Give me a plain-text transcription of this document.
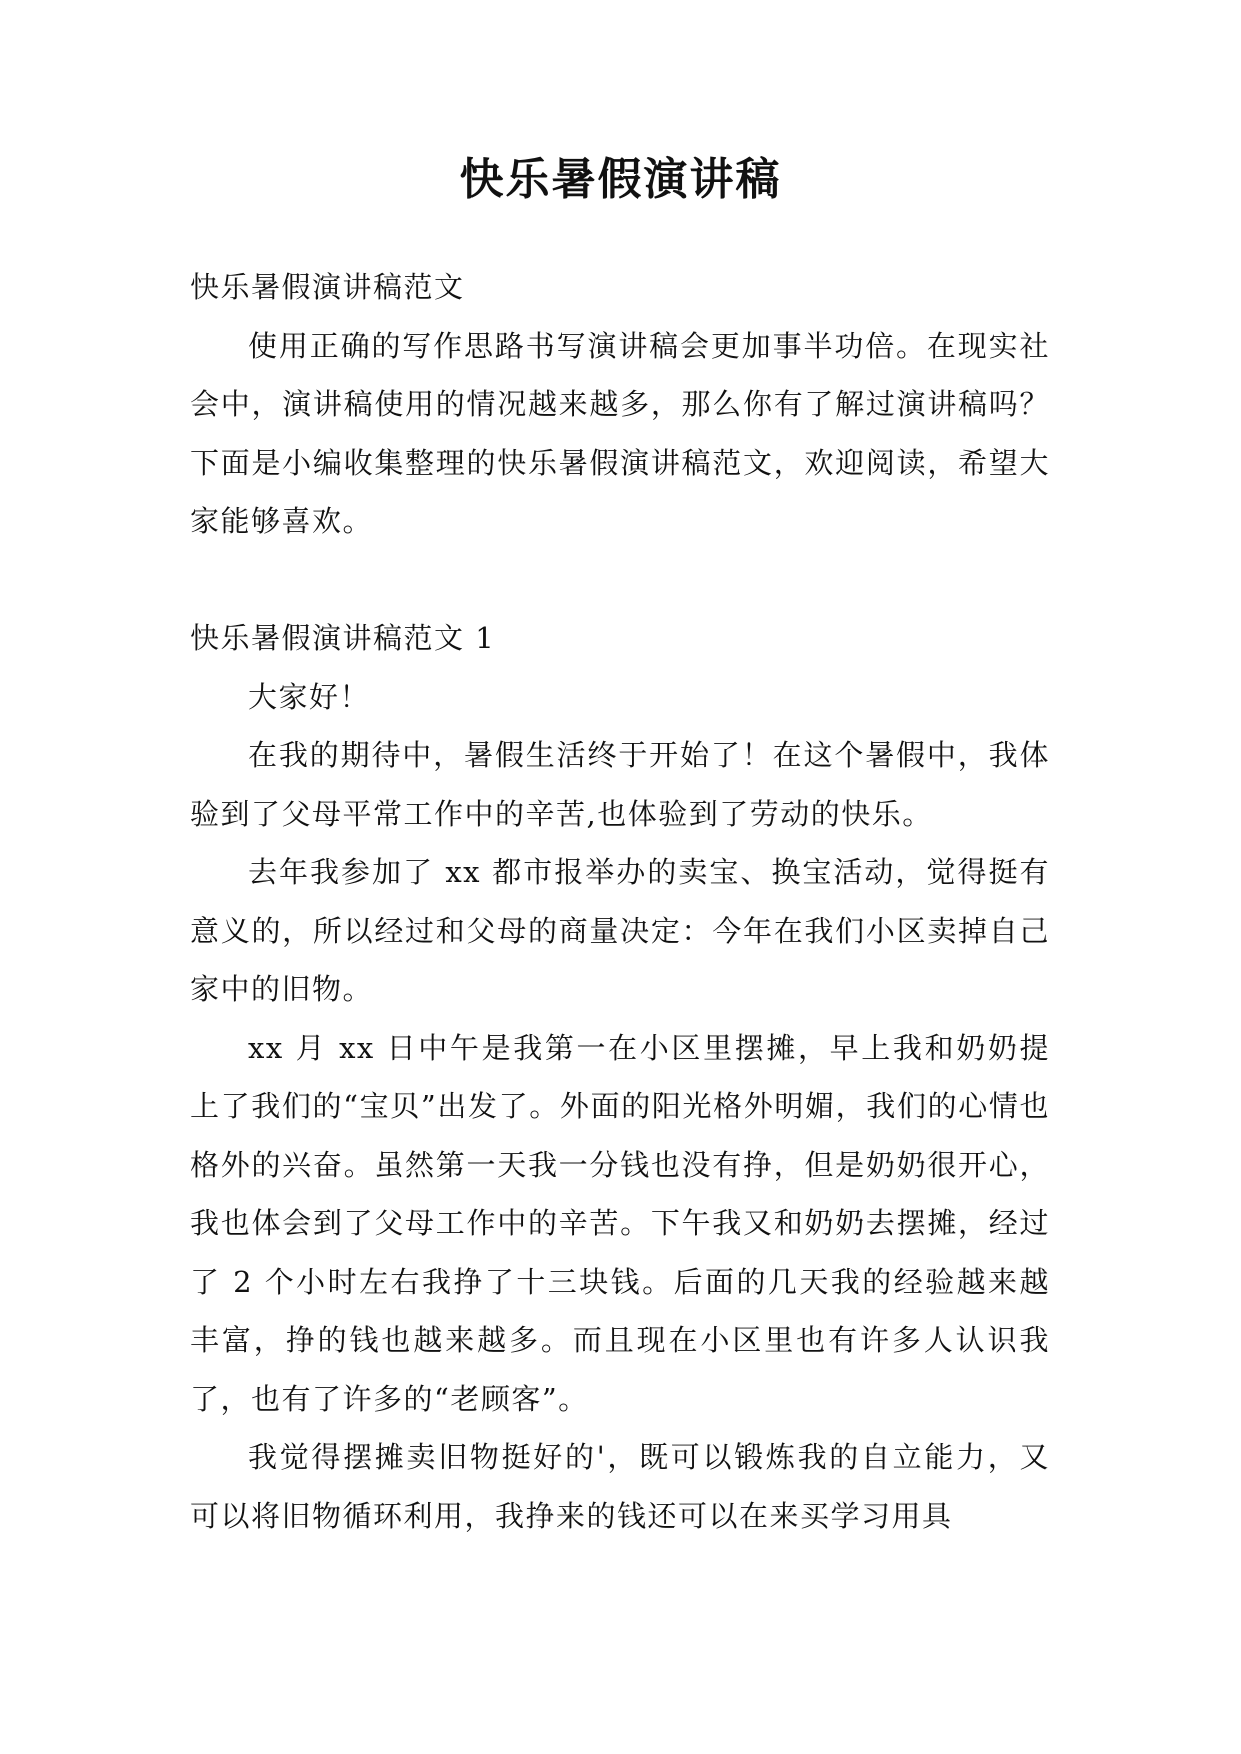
快乐暑假演讲稿

快乐暑假演讲稿范文

使用正确的写作思路书写演讲稿会更加事半功倍。在现实社会中，演讲稿使用的情况越来越多，那么你有了解过演讲稿吗？下面是小编收集整理的快乐暑假演讲稿范文，欢迎阅读，希望大家能够喜欢。

快乐暑假演讲稿范文 1

大家好！

在我的期待中，暑假生活终于开始了！在这个暑假中，我体验到了父母平常工作中的辛苦,也体验到了劳动的快乐。

去年我参加了 xx 都市报举办的卖宝、换宝活动，觉得挺有意义的，所以经过和父母的商量决定：今年在我们小区卖掉自己家中的旧物。

xx 月 xx 日中午是我第一在小区里摆摊，早上我和奶奶提上了我们的“宝贝”出发了。外面的阳光格外明媚，我们的心情也格外的兴奋。虽然第一天我一分钱也没有挣，但是奶奶很开心，我也体会到了父母工作中的辛苦。下午我又和奶奶去摆摊，经过了 2 个小时左右我挣了十三块钱。后面的几天我的经验越来越丰富，挣的钱也越来越多。而且现在小区里也有许多人认识我了，也有了许多的“老顾客”。

我觉得摆摊卖旧物挺好的'，既可以锻炼我的自立能力，又可以将旧物循环利用，我挣来的钱还可以在来买学习用具
